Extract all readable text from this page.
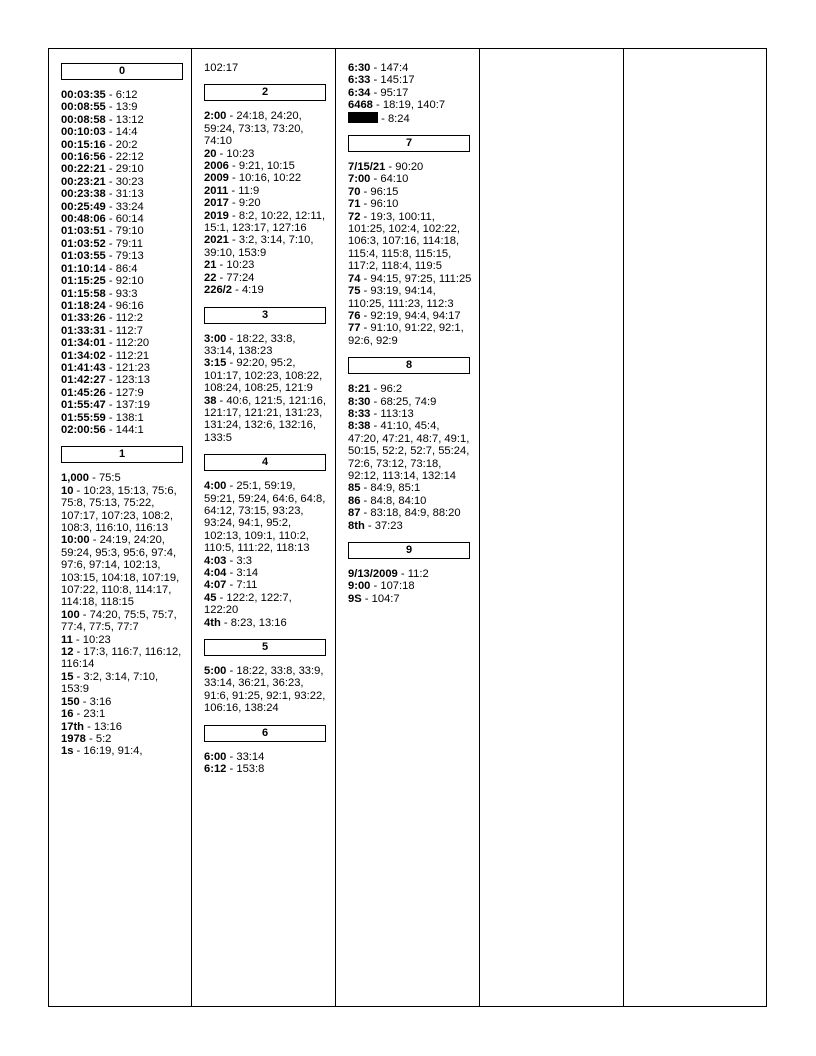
0
00:03:35 - 6:12
00:08:55 - 13:9
00:08:58 - 13:12
00:10:03 - 14:4
00:15:16 - 20:2
00:16:56 - 22:12
00:22:21 - 29:10
00:23:21 - 30:23
00:23:38 - 31:13
00:25:49 - 33:24
00:48:06 - 60:14
01:03:51 - 79:10
01:03:52 - 79:11
01:03:55 - 79:13
01:10:14 - 86:4
01:15:25 - 92:10
01:15:58 - 93:3
01:18:24 - 96:16
01:33:26 - 112:2
01:33:31 - 112:7
01:34:01 - 112:20
01:34:02 - 112:21
01:41:43 - 121:23
01:42:27 - 123:13
01:45:26 - 127:9
01:55:47 - 137:19
01:55:59 - 138:1
02:00:56 - 144:1
1
1,000 - 75:5
10 - 10:23, 15:13, 75:6, 75:8, 75:13, 75:22, 107:17, 107:23, 108:2, 108:3, 116:10, 116:13
10:00 - 24:19, 24:20, 59:24, 95:3, 95:6, 97:4, 97:6, 97:14, 102:13, 103:15, 104:18, 107:19, 107:22, 110:8, 114:17, 114:18, 118:15
100 - 74:20, 75:5, 75:7, 77:4, 77:5, 77:7
11 - 10:23
12 - 17:3, 116:7, 116:12, 116:14
15 - 3:2, 3:14, 7:10, 153:9
150 - 3:16
16 - 23:1
17th - 13:16
1978 - 5:2
1s - 16:19, 91:4,
102:17
2
2:00 - 24:18, 24:20, 59:24, 73:13, 73:20, 74:10
20 - 10:23
2006 - 9:21, 10:15
2009 - 10:16, 10:22
2011 - 11:9
2017 - 9:20
2019 - 8:2, 10:22, 12:11, 15:1, 123:17, 127:16
2021 - 3:2, 3:14, 7:10, 39:10, 153:9
21 - 10:23
22 - 77:24
226/2 - 4:19
3
3:00 - 18:22, 33:8, 33:14, 138:23
3:15 - 92:20, 95:2, 101:17, 102:23, 108:22, 108:24, 108:25, 121:9
38 - 40:6, 121:5, 121:16, 121:17, 121:21, 131:23, 131:24, 132:6, 132:16, 133:5
4
4:00 - 25:1, 59:19, 59:21, 59:24, 64:6, 64:8, 64:12, 73:15, 93:23, 93:24, 94:1, 95:2, 102:13, 109:1, 110:2, 110:5, 111:22, 118:13
4:03 - 3:3
4:04 - 3:14
4:07 - 7:11
45 - 122:2, 122:7, 122:20
4th - 8:23, 13:16
5
5:00 - 18:22, 33:8, 33:9, 33:14, 36:21, 36:23, 91:6, 91:25, 92:1, 93:22, 106:16, 138:24
6
6:00 - 33:14
6:12 - 153:8
6:30 - 147:4
6:33 - 145:17
6:34 - 95:17
6468 - 18:19, 140:7
- 8:24
7
7/15/21 - 90:20
7:00 - 64:10
70 - 96:15
71 - 96:10
72 - 19:3, 100:11, 101:25, 102:4, 102:22, 106:3, 107:16, 114:18, 115:4, 115:8, 115:15, 117:2, 118:4, 119:5
74 - 94:15, 97:25, 111:25
75 - 93:19, 94:14, 110:25, 111:23, 112:3
76 - 92:19, 94:4, 94:17
77 - 91:10, 91:22, 92:1, 92:6, 92:9
8
8:21 - 96:2
8:30 - 68:25, 74:9
8:33 - 113:13
8:38 - 41:10, 45:4, 47:20, 47:21, 48:7, 49:1, 50:15, 52:2, 52:7, 55:24, 72:6, 73:12, 73:18, 92:12, 113:14, 132:14
85 - 84:9, 85:1
86 - 84:8, 84:10
87 - 83:18, 84:9, 88:20
8th - 37:23
9
9/13/2009 - 11:2
9:00 - 107:18
9S - 104:7
